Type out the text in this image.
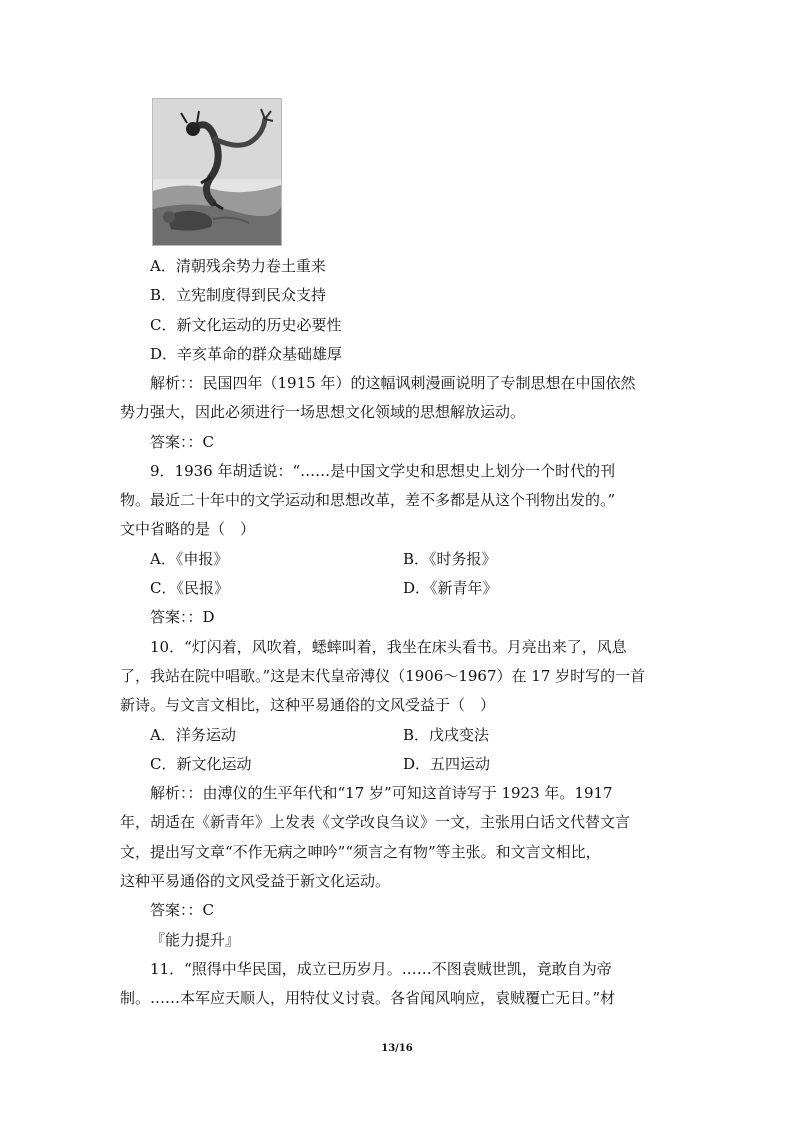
A．清朝残余势力卷土重来
B．立宪制度得到民众支持
C．新文化运动的历史必要性
D．辛亥革命的群众基础雄厚
解析：：民国四年（1915 年）的这幅讽刺漫画说明了专制思想在中国依然
势力强大，因此必须进行一场思想文化领域的思想解放运动。
答案：：C
9．1936 年胡适说：“……是中国文学史和思想史上划分一个时代的刊
物。最近二十年中的文学运动和思想改革，差不多都是从这个刊物出发的。”
文中省略的是（　）
A．《申报》	B．《时务报》
C．《民报》	D．《新青年》
答案：：D
10．“灯闪着，风吹着，蟋蟀叫着，我坐在床头看书。月亮出来了，风息
了，我站在院中唱歌。”这是末代皇帝溥仪（1906～1967）在 17 岁时写的一首
新诗。与文言文相比，这种平易通俗的文风受益于（　）
A．洋务运动	B．戊戌变法
C．新文化运动	D．五四运动
解析：：由溥仪的生平年代和“17 岁”可知这首诗写于 1923 年。1917
年，胡适在《新青年》上发表《文学改良刍议》一文，主张用白话文代替文言
文，提出写文章“不作无病之呻吟”“须言之有物”等主张。和文言文相比，
这种平易通俗的文风受益于新文化运动。
答案：：C
『能力提升』
11．“照得中华民国，成立已历岁月。……不图袁贼世凯，竟敢自为帝
制。……本军应天顺人，用特仗义讨袁。各省闻风响应，袁贼覆亡无日。”材
13/16
